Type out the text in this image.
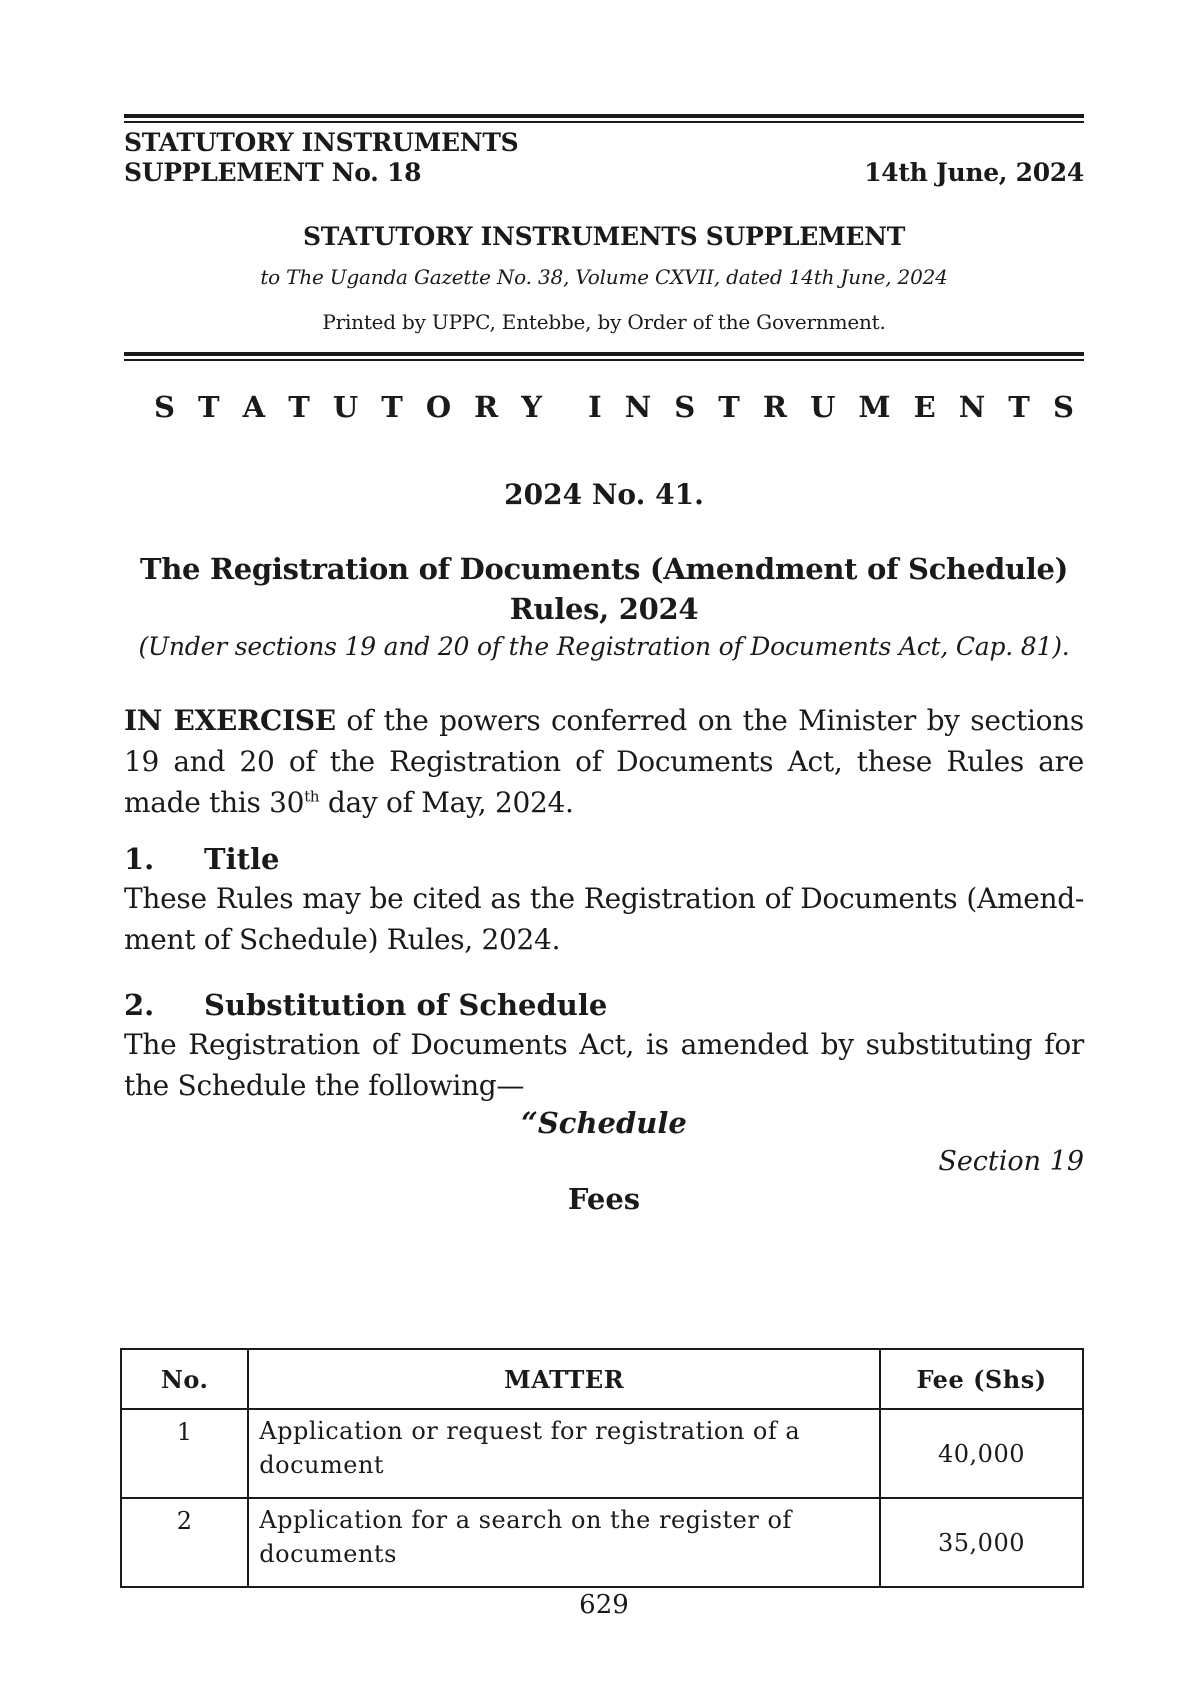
STATUTORY INSTRUMENTS
SUPPLEMENT No. 18	14th June, 2024
STATUTORY INSTRUMENTS SUPPLEMENT
to The Uganda Gazette No. 38, Volume CXVII, dated 14th June, 2024
Printed by UPPC, Entebbe, by Order of the Government.
S T A T U T O R Y I N S T R U M E N T S
2024 No. 41.
The Registration of Documents (Amendment of Schedule)
Rules, 2024
(Under sections 19 and 20 of the Registration of Documents Act, Cap. 81).
IN EXERCISE of the powers conferred on the Minister by sections 19 and 20 of the Registration of Documents Act, these Rules are made this 30th day of May, 2024.
1. Title
These Rules may be cited as the Registration of Documents (Amend-ment of Schedule) Rules, 2024.
2. Substitution of Schedule
The Registration of Documents Act, is amended by substituting for the Schedule the following—
“Schedule
Section 19
Fees
No.	MATTER	Fee (Shs)
1	Application or request for registration of a document	40,000
2	Application for a search on the register of documents	35,000
629
